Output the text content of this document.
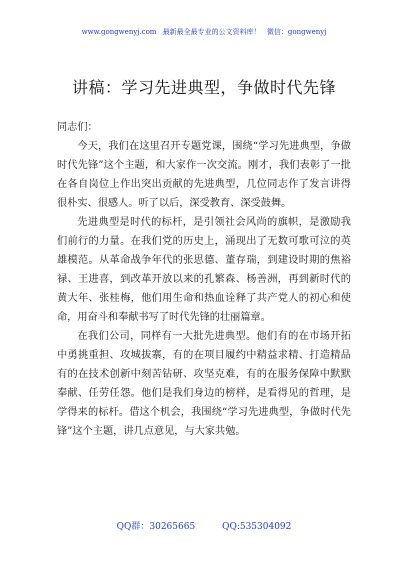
www.gongwenyj.com 最新最全最专业的公文资料库！ 微信：gongwenyj
讲稿：学习先进典型，争做时代先锋

同志们：

今天，我们在这里召开专题党课，围绕“学习先进典型，争做时代先锋”这个主题，和大家作一次交流。刚才，我们表彰了一批在各自岗位上作出突出贡献的先进典型，几位同志作了发言讲得很朴实、很感人。听了以后，深受教育、深受鼓舞。

先进典型是时代的标杆，是引领社会风尚的旗帜，是激励我们前行的力量。在我们党的历史上，涌现出了无数可歌可泣的英雄模范。从革命战争年代的张思德、董存瑞，到建设时期的焦裕禄、王进喜，到改革开放以来的孔繁森、杨善洲，再到新时代的黄大年、张桂梅，他们用生命和热血诠释了共产党人的初心和使命，用奋斗和奉献书写了时代先锋的壮丽篇章。

在我们公司，同样有一大批先进典型。他们有的在市场开拓中勇挑重担、攻城拔寨，有的在项目履约中精益求精、打造精品有的在技术创新中刻苦钻研、攻坚克难，有的在服务保障中默默奉献、任劳任怨。他们是我们身边的榜样，是看得见的哲理，是学得来的标杆。借这个机会，我围绕“学习先进典型，争做时代先锋”这个主题，讲几点意见，与大家共勉。

QQ群：30265665	QQ:535304092
